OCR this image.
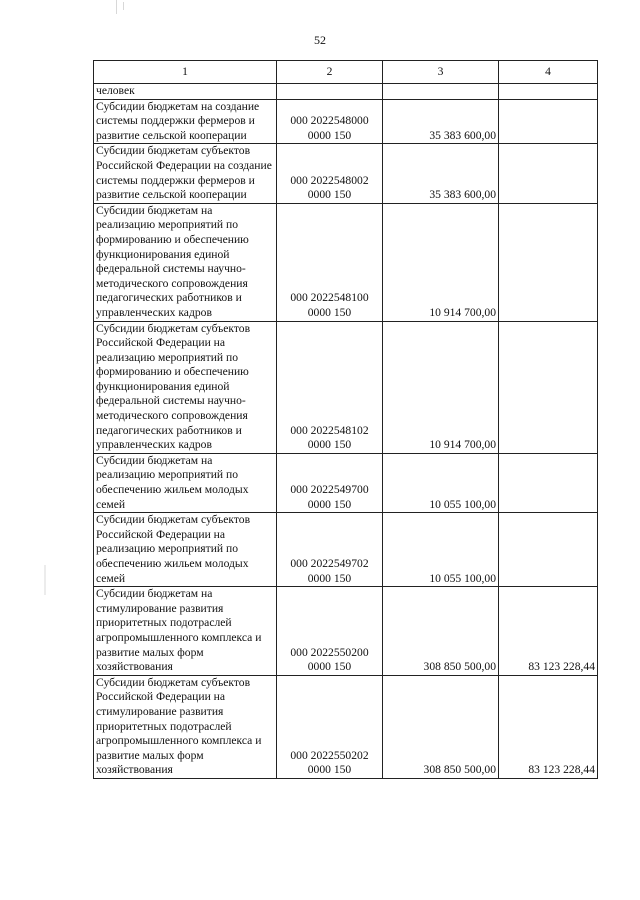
52
1	2	3	4
человек			
Субсидии бюджетам на создание системы поддержки фермеров и развитие сельской кооперации	000 2022548000 0000 150	35 383 600,00	
Субсидии бюджетам субъектов Российской Федерации на создание системы поддержки фермеров и развитие сельской кооперации	000 2022548002 0000 150	35 383 600,00	
Субсидии бюджетам на реализацию мероприятий по формированию и обеспечению функционирования единой федеральной системы научно-методического сопровождения педагогических работников и управленческих кадров	000 2022548100 0000 150	10 914 700,00	
Субсидии бюджетам субъектов Российской Федерации на реализацию мероприятий по формированию и обеспечению функционирования единой федеральной системы научно-методического сопровождения педагогических работников и управленческих кадров	000 2022548102 0000 150	10 914 700,00	
Субсидии бюджетам на реализацию мероприятий по обеспечению жильем молодых семей	000 2022549700 0000 150	10 055 100,00	
Субсидии бюджетам субъектов Российской Федерации на реализацию мероприятий по обеспечению жильем молодых семей	000 2022549702 0000 150	10 055 100,00	
Субсидии бюджетам на стимулирование развития приоритетных подотраслей агропромышленного комплекса и развитие малых форм хозяйствования	000 2022550200 0000 150	308 850 500,00	83 123 228,44
Субсидии бюджетам субъектов Российской Федерации на стимулирование развития приоритетных подотраслей агропромышленного комплекса и развитие малых форм хозяйствования	000 2022550202 0000 150	308 850 500,00	83 123 228,44
